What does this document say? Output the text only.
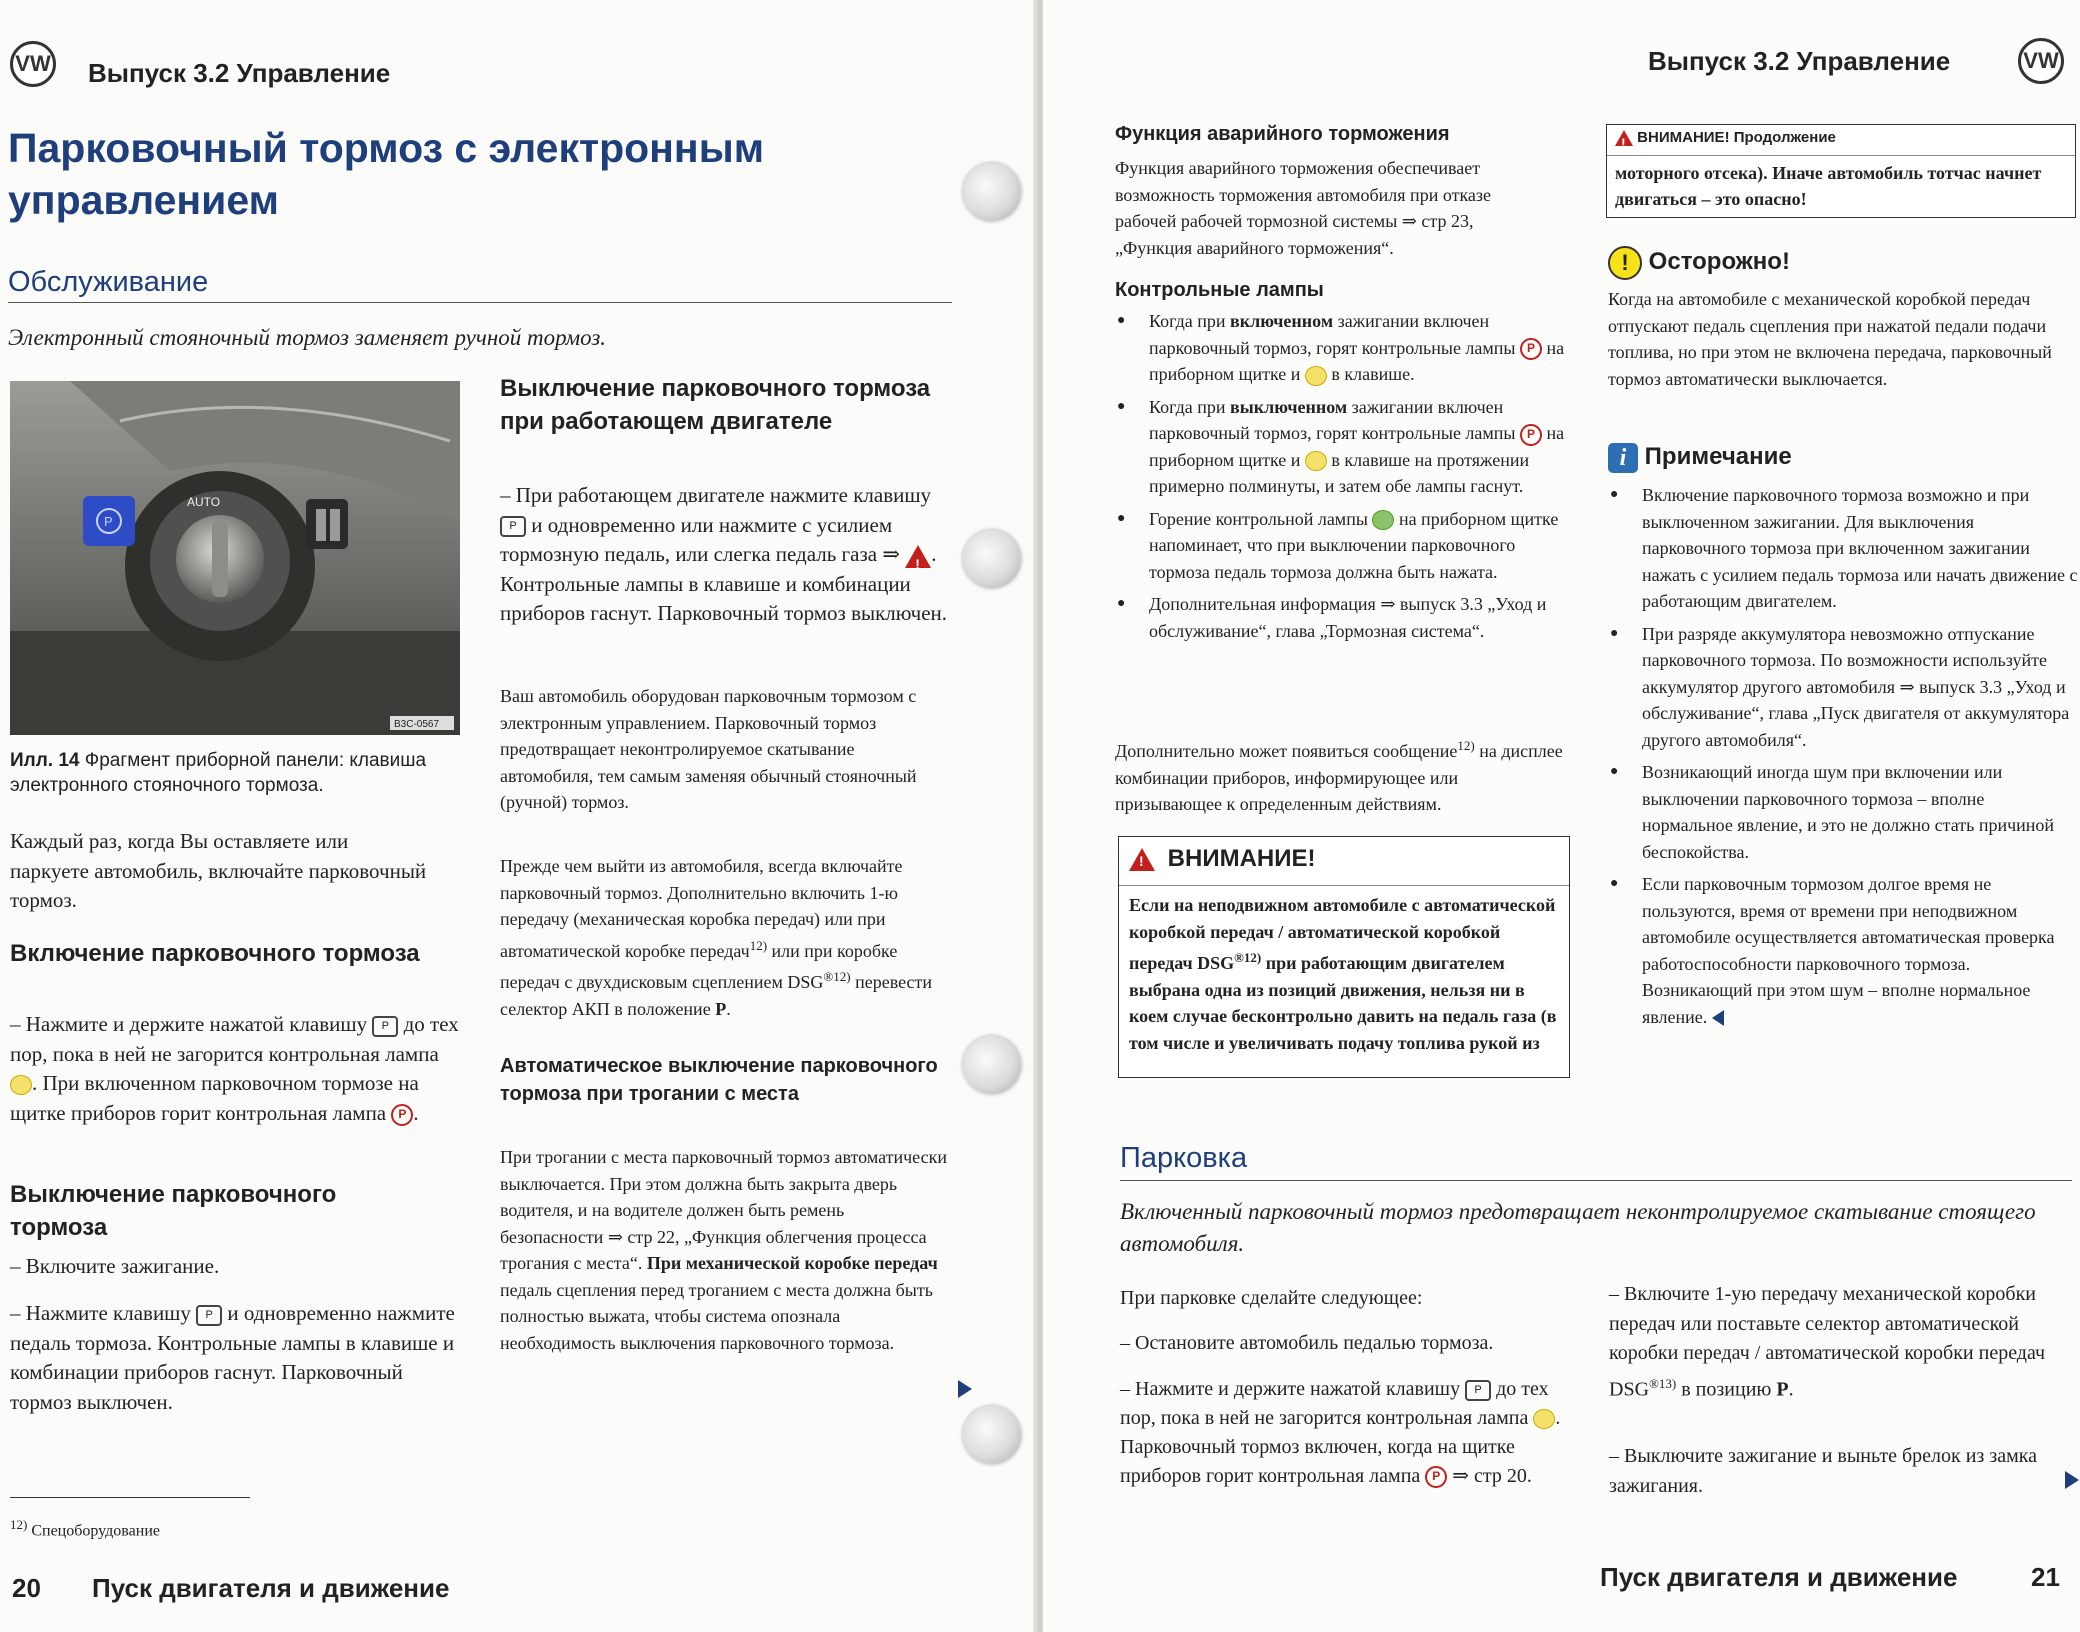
VW Выпуск 3.2 Управление
Парковочный тормоз с электронным управлением
Обслуживание
Электронный стояночный тормоз заменяет ручной тормоз.
P
AUTO
B3C-0567
Илл. 14 Фрагмент приборной панели: клавиша электронного стояночного тормоза.
Каждый раз, когда Вы оставляете или паркуете автомобиль, включайте парковочный тормоз.
Включение парковочного тормоза
– Нажмите и держите нажатой клавишу P до тех пор, пока в ней не загорится контрольная лампа . При включенном парковочном тормозе на щитке приборов горит контрольная лампа P .
Выключение парковочного тормоза
– Включите зажигание.
– Нажмите клавишу P и одновременно нажмите педаль тормоза. Контрольные лампы в клавише и комбинации приборов гаснут. Парковочный тормоз выключен.
$^{12)}$ Спецоборудование
20 Пуск двигателя и движение
Выключение парковочного тормоза при работающем двигателе
– При работающем двигателе нажмите клавишу P и одновременно или нажмите с усилием тормозную педаль, или слегка педаль газа ⇒ ! . Контрольные лампы в клавише и комбинации приборов гаснут. Парковочный тормоз выключен.
Ваш автомобиль оборудован парковочным тормозом с электронным управлением. Парковочный тормоз предотвращает неконтролируемое скатывание автомобиля, тем самым заменяя обычный стояночный (ручной) тормоз.
Прежде чем выйти из автомобиля, всегда включайте парковочный тормоз. Дополнительно включить 1-ю передачу (механическая коробка передач) или при автоматической коробке передач$^{12)}$ или при коробке передач с двухдисковым сцеплением $DSG^{®12)}$ перевести селектор АКП в положение P.
Автоматическое выключение парковочного тормоза при трогании с места
При трогании с места парковочный тормоз автоматически выключается. При этом должна быть закрыта дверь водителя, и на водителе должен быть ремень безопасности ⇒ стр 22, „Функция облегчения процесса трогания с места“. При механической коробке передач педаль сцепления перед троганием с места должна быть полностью выжата, чтобы система опознала необходимость выключения парковочного тормоза.
Выпуск 3.2 Управление	VW
Функция аварийного торможения
Функция аварийного торможения обеспечивает возможность торможения автомобиля при отказе рабочей рабочей тормозной системы ⇒ стр 23, „Функция аварийного торможения“.
Контрольные лампы
● Когда при включенном зажигании включен парковочный тормоз, горят контрольные лампы P на приборном щитке и  в клавише.
● Когда при выключенном зажигании включен парковочный тормоз, горят контрольные лампы P на приборном щитке и  в клавише на протяжении примерно полминуты, и затем обе лампы гаснут.
● Горение контрольной лампы  на приборном щитке напоминает, что при выключении парковочного тормоза педаль тормоза должна быть нажата.
● Дополнительная информация ⇒ выпуск 3.3 „Уход и обслуживание“, глава „Тормозная система“.
Дополнительно может появиться сообщение$^{12)}$ на дисплее комбинации приборов, информирующее или призывающее к определенным действиям.
! ВНИМАНИЕ!
Если на неподвижном автомобиле с автоматической коробкой передач / автоматической коробкой передач $DSG^{®12)}$ при работающим двигателем выбрана одна из позиций движения, нельзя ни в коем случае бесконтрольно давить на педаль газа (в том числе и увеличивать подачу топлива рукой из
! ВНИМАНИЕ! Продолжение
моторного отсека). Иначе автомобиль тотчас начнет двигаться – это опасно!
! Осторожно!
Когда на автомобиле с механической коробкой передач отпускают педаль сцепления при нажатой педали подачи топлива, но при этом не включена передача, парковочный тормоз автоматически выключается.
i Примечание
● Включение парковочного тормоза возможно и при выключенном зажигании. Для выключения парковочного тормоза при включенном зажигании нажать с усилием педаль тормоза или начать движение с работающим двигателем.
● При разряде аккумулятора невозможно отпускание парковочного тормоза. По возможности используйте аккумулятор другого автомобиля ⇒ выпуск 3.3 „Уход и обслуживание“, глава „Пуск двигателя от аккумулятора другого автомобиля“.
● Возникающий иногда шум при включении или выключении парковочного тормоза – вполне нормальное явление, и это не должно стать причиной беспокойства.
● Если парковочным тормозом долгое время не пользуются, время от времени при неподвижном автомобиле осуществляется автоматическая проверка работоспособности парковочного тормоза. Возникающий при этом шум – вполне нормальное явление.
Парковка
Включенный парковочный тормоз предотвращает неконтролируемое скатывание стоящего автомобиля.
При парковке сделайте следующее:
– Остановите автомобиль педалью тормоза.
– Нажмите и держите нажатой клавишу P до тех пор, пока в ней не загорится контрольная лампа . Парковочный тормоз включен, когда на щитке приборов горит контрольная лампа P ⇒ стр 20.
– Включите 1-ую передачу механической коробки передач или поставьте селектор автоматической коробки передач / автоматической коробки передач $DSG^{®13)}$ в позицию P.
– Выключите зажигание и выньте брелок из замка зажигания.
Пуск двигателя и движение	21
